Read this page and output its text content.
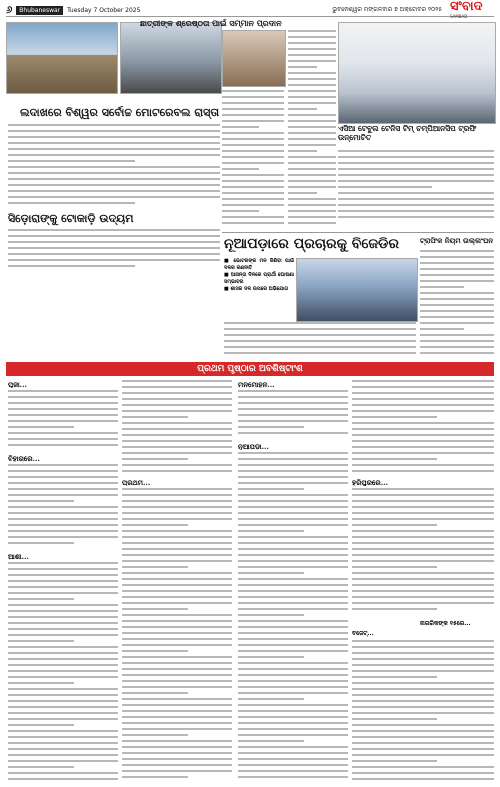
୬	Bhubaneswar	Tuesday 7 October 2025	ଭୁବନେଶ୍ୱର ମଙ୍ଗଳବାର ୭ ଅକ୍ଟୋବର ୨୦୨୫ ସଂବାଦ
SAMBAD
ଲଦାଖରେ ବିଶ୍ୱର ସର୍ବୋଚ୍ଚ ମୋଟରେବଲ ରାସ୍ତା
ସିଡ଼ୋରାଙ୍କୁ ଟୋକାଡ଼ି ଉଦ୍ୟମ
ଛାତ୍ରୀଙ୍କ ଶ୍ରେଷ୍ଠତା ପାଇଁ ସମ୍ମାନ ପ୍ରଦାନ
ଏସିଆ ଟେବୁଲ ଟେନିସ ଟିମ୍ ଚମ୍ପିଆନସିପ ଟ୍ରଫି ଉନ୍ମୋଚିତ
ନୂଆପଡ଼ାରେ ପ୍ରଚାରକୁ ବିଜେଡିର
■ ଭୋଟରଙ୍କ ମନ ଜିଣିବା ପାଇଁ ଦଳର ରଣନୀତି
■ ଆସନ୍ତା ଦିନରେ ପ୍ରାର୍ଥୀ ଘୋଷଣା ସମ୍ଭାବନା
■ ଶାସକ ଦଳ ଉପରେ ଅଭିଯୋଗ
ଟ୍ରାଫିକ ନିୟମ ଉଲ୍ଲଂଘନ
ପ୍ରଥମ ପୃଷ୍ଠାର ଅବଶିଷ୍ଟାଂଶ
ପୂଜା...
ବିହାରରେ...
ଆଶା...
ପ୍ରଥମ...
ମନମୋହନ...
ନୂଆପଡ଼ା...
ହରିପୁରରେ...
ନାଗରିକଙ୍କ ୧୫ରେ...
ବଜେଟ୍...
